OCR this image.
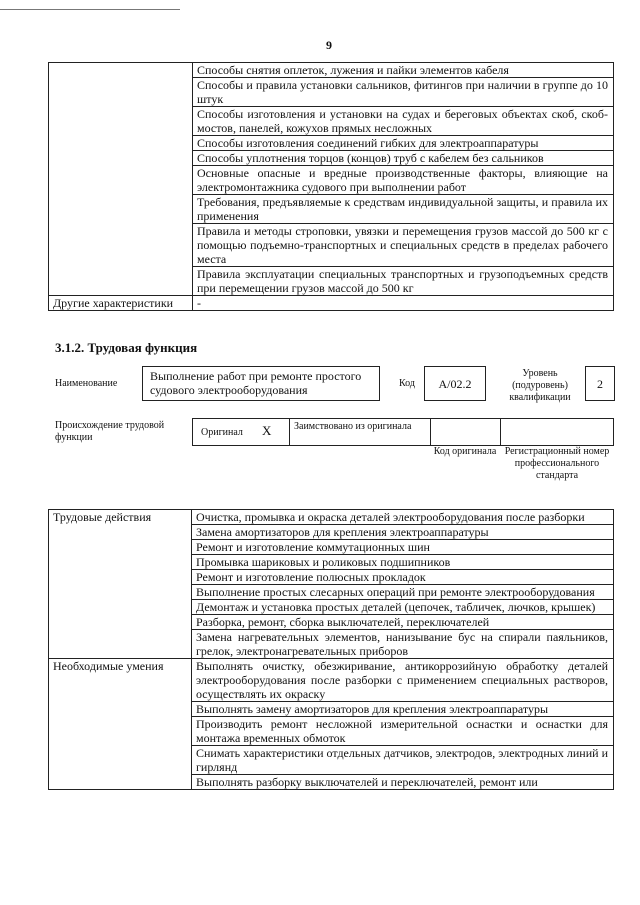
9
	Способы снятия оплеток, лужения и пайки элементов кабеля
	Способы и правила установки сальников, фитингов при наличии в группе до 10 штук
	Способы изготовления и установки на судах и береговых объектах скоб, скоб-мостов, панелей, кожухов прямых несложных
	Способы изготовления соединений гибких для электроаппаратуры
	Способы уплотнения торцов (концов) труб с кабелем без сальников
	Основные опасные и вредные производственные факторы, влияющие на электромонтажника судового при выполнении работ
	Требования, предъявляемые к средствам индивидуальной защиты, и правила их применения
	Правила и методы строповки, увязки и перемещения грузов массой до 500 кг с помощью подъемно-транспортных и специальных средств в пределах рабочего места
	Правила эксплуатации специальных транспортных и грузоподъемных средств при перемещении грузов массой до 500 кг
Другие характеристики	-
3.1.2. Трудовая функция
Наименование
Выполнение работ при ремонте простого судового электрооборудования	Код	A/02.2
Уровень (подуровень) квалификации
2
Происхождение трудовой функции	Оригинал X Заимствовано из оригинала
Код оригинала Регистрационный номер профессионального стандарта
Трудовые действия	Очистка, промывка и окраска деталей электрооборудования после разборки
	Замена амортизаторов для крепления электроаппаратуры
	Ремонт и изготовление коммутационных шин
	Промывка шариковых и роликовых подшипников
	Ремонт и изготовление полюсных прокладок
	Выполнение простых слесарных операций при ремонте электрооборудования
	Демонтаж и установка простых деталей (цепочек, табличек, лючков, крышек)
	Разборка, ремонт, сборка выключателей, переключателей
	Замена нагревательных элементов, нанизывание бус на спирали паяльников, грелок, электронагревательных приборов
Необходимые умения	Выполнять очистку, обезжиривание, антикоррозийную обработку деталей электрооборудования после разборки с применением специальных растворов, осуществлять их окраску
	Выполнять замену амортизаторов для крепления электроаппаратуры
	Производить ремонт несложной измерительной оснастки и оснастки для монтажа временных обмоток
	Снимать характеристики отдельных датчиков, электродов, электродных линий и гирлянд
	Выполнять разборку выключателей и переключателей, ремонт или
